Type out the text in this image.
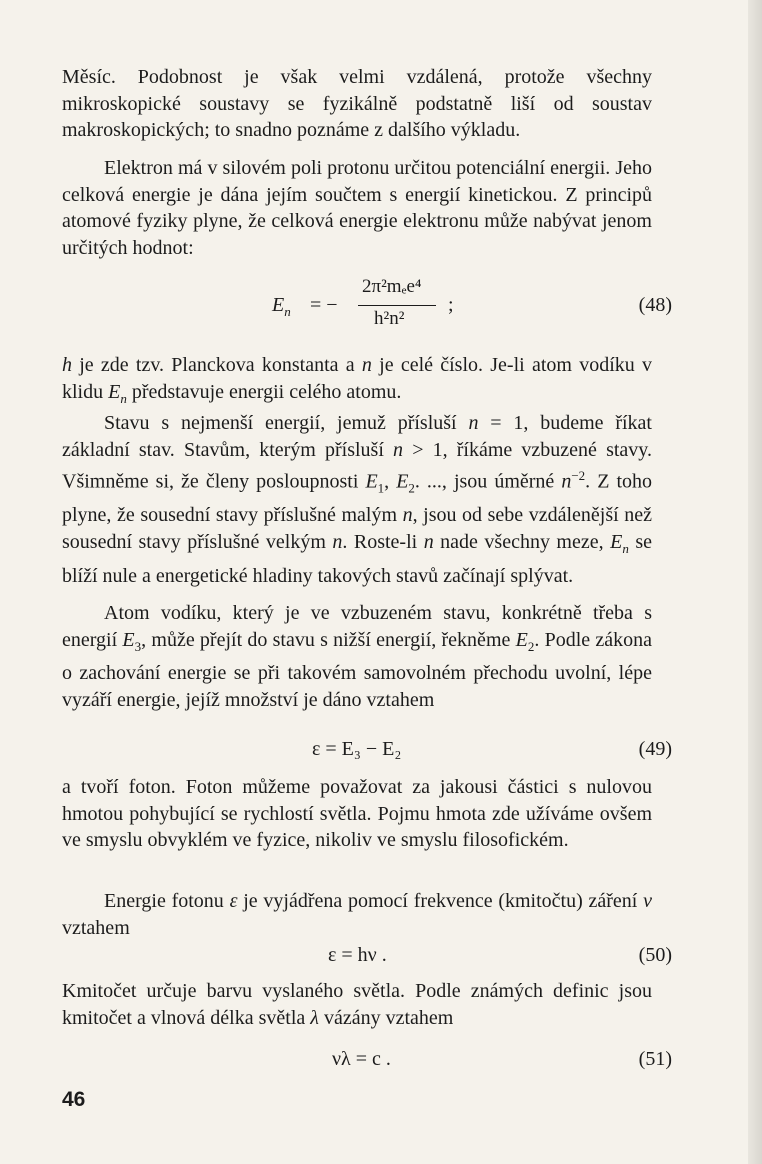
Měsíc. Podobnost je však velmi vzdálená, protože všechny mikroskopické soustavy se fyzikálně podstatně liší od soustav makroskopických; to snadno poznáme z dalšího výkladu.

Elektron má v silovém poli protonu určitou potenciální energii. Jeho celková energie je dána jejím součtem s energií kinetickou. Z principů atomové fyziky plyne, že celková energie elektronu může nabývat jenom určitých hodnot:

$E_n$ = −
2π²mₑe⁴
h²n²
;	(48)

h je zde tzv. Planckova konstanta a n je celé číslo. Je-li atom vodíku v klidu $E_n$ představuje energii celého atomu.

Stavu s nejmenší energií, jemuž přísluší n = 1, budeme říkat základní stav. Stavům, kterým přísluší n > 1, říkáme vzbuzené stavy. Všimněme si, že členy posloupnosti $E_1$, $E_2$. ..., jsou úměrné $n^{-2}$. Z toho plyne, že sousední stavy příslušné malým n, jsou od sebe vzdálenější než sousední stavy příslušné velkým n. Roste-li n nade všechny meze, $E_n$ se blíží nule a energetické hladiny takových stavů začínají splývat.

Atom vodíku, který je ve vzbuzeném stavu, konkrétně třeba s energií $E_3$, může přejít do stavu s nižší energií, řekněme $E_2$. Podle zákona o zachování energie se při takovém samovolném přechodu uvolní, lépe vyzáří energie, jejíž množství je dáno vztahem

ε = E₃ − E₂	(49)

a tvoří foton. Foton můžeme považovat za jakousi částici s nulovou hmotou pohybující se rychlostí světla. Pojmu hmota zde užíváme ovšem ve smyslu obvyklém ve fyzice, nikoliv ve smyslu filosofickém.

Energie fotonu ε je vyjádřena pomocí frekvence (kmitočtu) záření ν vztahem

ε = hν .	(50)

Kmitočet určuje barvu vyslaného světla. Podle známých definic jsou kmitočet a vlnová délka světla λ vázány vztahem

νλ = c .	(51)
46
